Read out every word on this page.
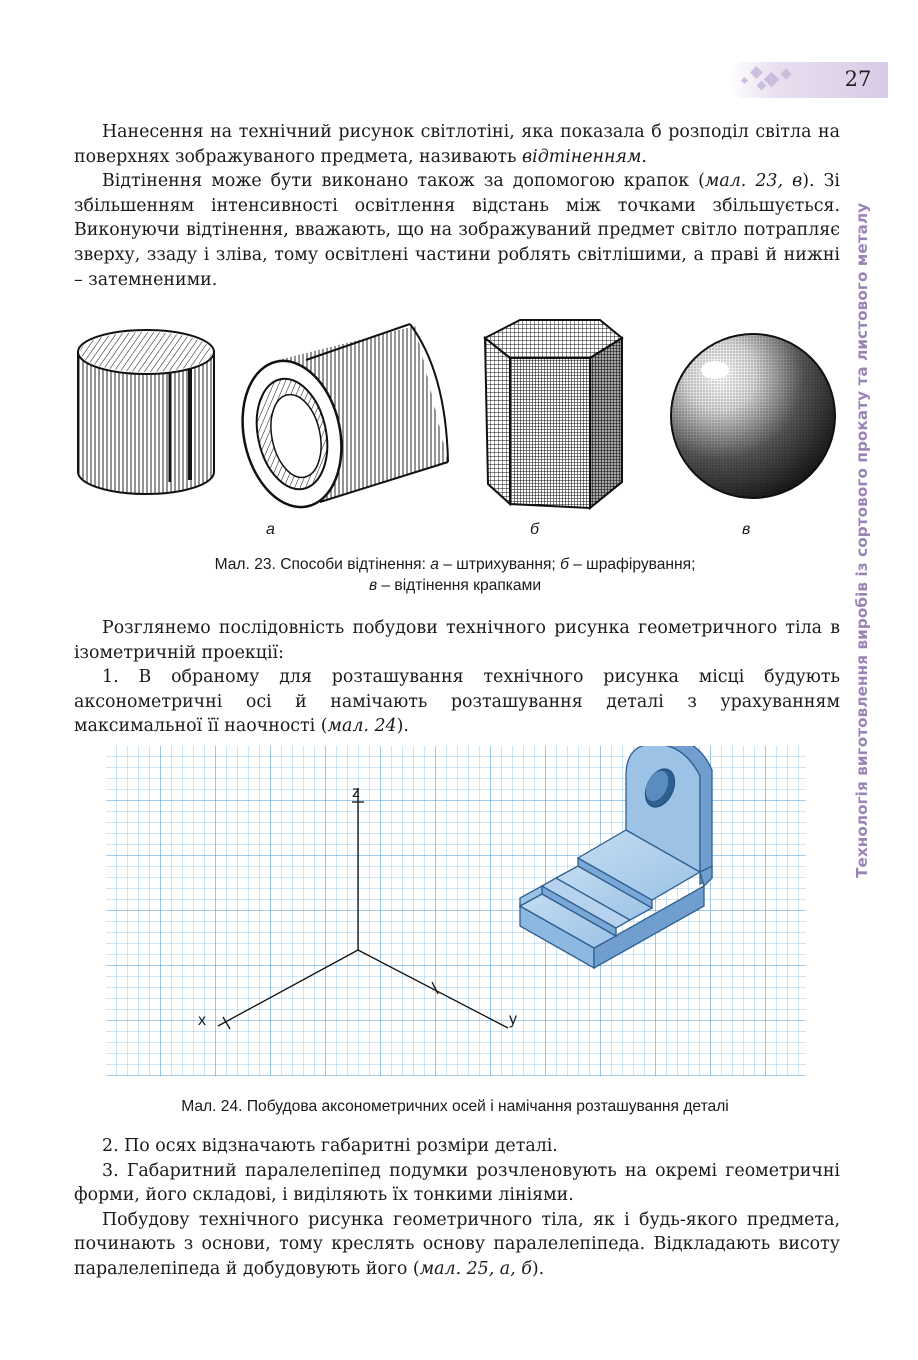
27
Технологія виготовлення виробів із сортового прокату та листового металу

Нанесення на технічний рисунок світлотіні, яка показала б розподіл світла на поверхнях зображуваного предмета, називають відтіненням.

Відтінення може бути виконано також за допомогою крапок (мал. 23, в). Зі збільшенням інтенсивності освітлення відстань між точками збільшується. Виконуючи відтінення, вважають, що на зображуваний предмет світло потрапляє зверху, ззаду і зліва, тому освітлені частини роблять світлішими, а праві й нижні – затемненими.

а	б	в
Мал. 23. Способи відтінення: а – штрихування; б – шрафірування;
в – відтінення крапками

Розглянемо послідовність побудови технічного рисунка геометричного тіла в ізометричній проекції:

1. В обраному для розташування технічного рисунка місці будують аксонометричні осі й намічають розташування деталі з урахуванням максимальної її наочності (мал. 24).

z
x	y
Мал. 24. Побудова аксонометричних осей і намічання розташування деталі

2. По осях відзначають габаритні розміри деталі.

3. Габаритний паралелепіпед подумки розчленовують на окремі геометричні форми, його складові, і виділяють їх тонкими лініями.

Побудову технічного рисунка геометричного тіла, як і будь-якого предмета, починають з основи, тому креслять основу паралелепіпеда. Відкладають висоту паралелепіпеда й добудовують його (мал. 25, а, б).
